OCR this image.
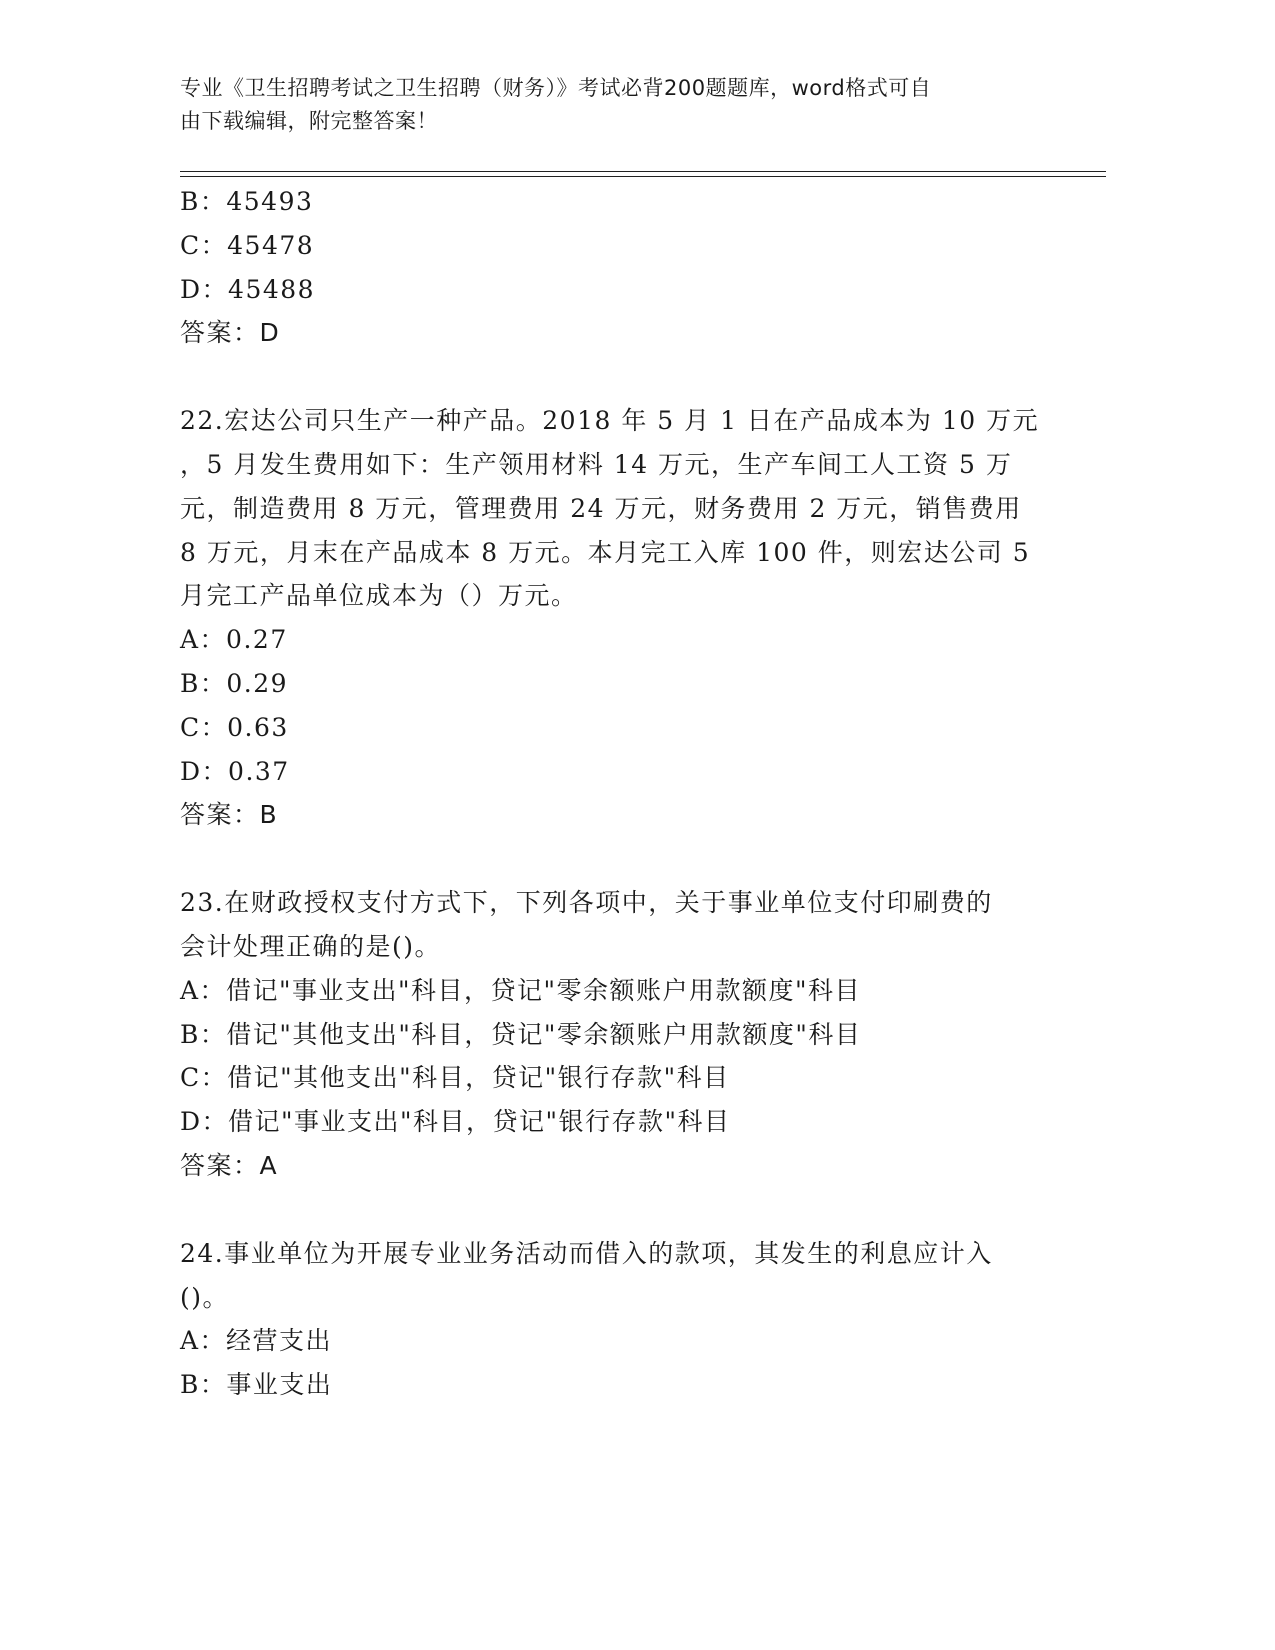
专业《卫生招聘考试之卫生招聘（财务）》考试必背200题题库，word格式可自
由下载编辑，附完整答案！
B：45493
C：45478
D：45488
答案：D
22.宏达公司只生产一种产品。2018 年 5 月 1 日在产品成本为 10 万元
，5 月发生费用如下：生产领用材料 14 万元，生产车间工人工资 5 万
元，制造费用 8 万元，管理费用 24 万元，财务费用 2 万元，销售费用
8 万元，月末在产品成本 8 万元。本月完工入库 100 件，则宏达公司 5
月完工产品单位成本为（）万元。
A：0.27
B：0.29
C：0.63
D：0.37
答案：B
23.在财政授权支付方式下，下列各项中，关于事业单位支付印刷费的
会计处理正确的是()。
A：借记"事业支出"科目，贷记"零余额账户用款额度"科目
B：借记"其他支出"科目，贷记"零余额账户用款额度"科目
C：借记"其他支出"科目，贷记"银行存款"科目
D：借记"事业支出"科目，贷记"银行存款"科目
答案：A
24.事业单位为开展专业业务活动而借入的款项，其发生的利息应计入
()。
A：经营支出
B：事业支出
